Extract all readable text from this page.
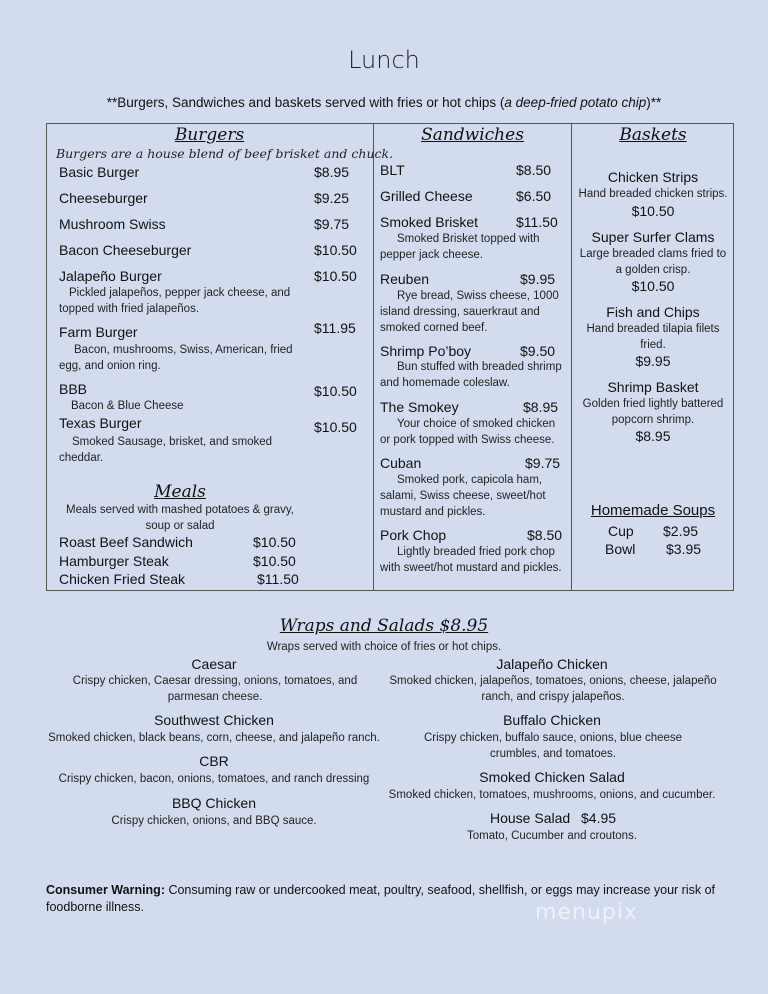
Lunch
**Burgers, Sandwiches and baskets served with fries or hot chips (a deep-fried potato chip)**
Burgers
Burgers are a house blend of beef brisket and chuck.
Basic Burger	$8.95
Cheeseburger	$9.25
Mushroom Swiss	$9.75
Bacon Cheeseburger	$10.50
Jalapeño Burger	$10.50
Pickled jalapeños, pepper jack cheese, and topped with fried jalapeños.
Farm Burger	$11.95
Bacon, mushrooms, Swiss, American, fried egg, and onion ring.
BBB	$10.50
Bacon & Blue Cheese
Texas Burger	$10.50
Smoked Sausage, brisket, and smoked cheddar.
Meals
Meals served with mashed potatoes & gravy, soup or salad
Roast Beef Sandwich	$10.50
Hamburger Steak	$10.50
Chicken Fried Steak	$11.50
Sandwiches
BLT	$8.50
Grilled Cheese	$6.50
Smoked Brisket	$11.50
Smoked Brisket topped with pepper jack cheese.
Reuben	$9.95
Rye bread, Swiss cheese, 1000 island dressing, sauerkraut and smoked corned beef.
Shrimp Po’boy	$9.50
Bun stuffed with breaded shrimp and homemade coleslaw.
The Smokey	$8.95
Your choice of smoked chicken or pork topped with Swiss cheese.
Cuban	$9.75
Smoked pork, capicola ham, salami, Swiss cheese, sweet/hot mustard and pickles.
Pork Chop	$8.50
Lightly breaded fried pork chop with sweet/hot mustard and pickles.
Baskets
Chicken Strips
Hand breaded chicken strips.
$10.50
Super Surfer Clams
Large breaded clams fried to a golden crisp.
$10.50
Fish and Chips
Hand breaded tilapia filets fried.
$9.95
Shrimp Basket
Golden fried lightly battered popcorn shrimp.
$8.95
Homemade Soups
Cup $2.95
Bowl $3.95
Wraps and Salads $8.95
Wraps served with choice of fries or hot chips.
Caesar
Crispy chicken, Caesar dressing, onions, tomatoes, and parmesan cheese.
Southwest Chicken
Smoked chicken, black beans, corn, cheese, and jalapeño ranch.
CBR
Crispy chicken, bacon, onions, tomatoes, and ranch dressing
BBQ Chicken
Crispy chicken, onions, and BBQ sauce.
Jalapeño Chicken
Smoked chicken, jalapeños, tomatoes, onions, cheese, jalapeño ranch, and crispy jalapeños.
Buffalo Chicken
Crispy chicken, buffalo sauce, onions, blue cheese crumbles, and tomatoes.
Smoked Chicken Salad
Smoked chicken, tomatoes, mushrooms, onions, and cucumber.
House Salad $4.95
Tomato, Cucumber and croutons.
Consumer Warning: Consuming raw or undercooked meat, poultry, seafood, shellfish, or eggs may increase your risk of foodborne illness.	menupix
